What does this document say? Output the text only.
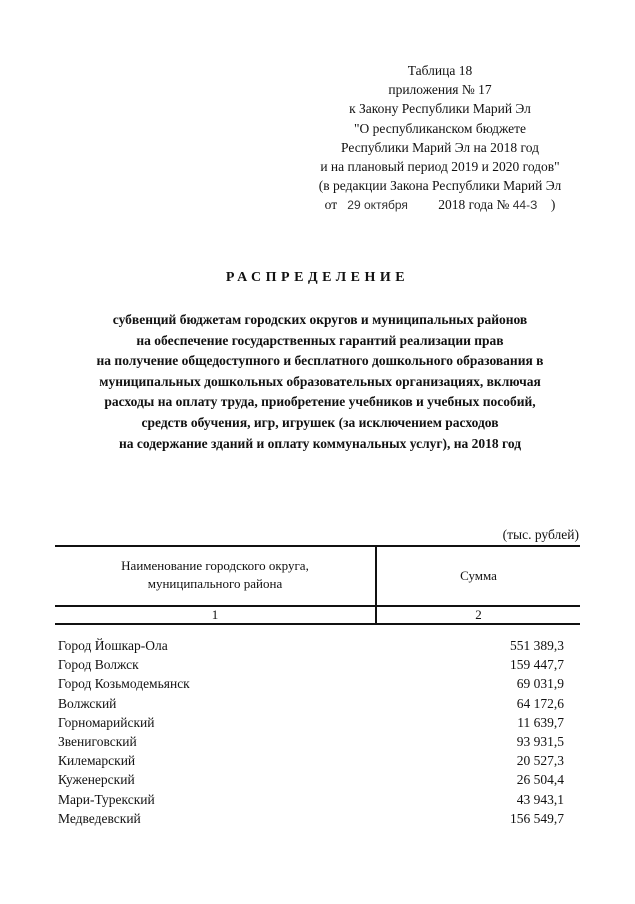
Таблица 18
приложения № 17
к Закону Республики Марий Эл
"О республиканском бюджете
Республики Марий Эл на 2018 год
и на плановый период 2019 и 2020 годов"
(в редакции Закона Республики Марий Эл
от 29 октября 2018 года № 44-З )
РАСПРЕДЕЛЕНИЕ
субвенций бюджетам городских округов и муниципальных районов
на обеспечение государственных гарантий реализации прав
на получение общедоступного и бесплатного дошкольного образования в
муниципальных дошкольных образовательных организациях, включая
расходы на оплату труда, приобретение учебников и учебных пособий,
средств обучения, игр, игрушек (за исключением расходов
на содержание зданий и оплату коммунальных услуг), на 2018 год
(тыс. рублей)
Наименование городского округа,
муниципального района
Сумма
1	2
Город Йошкар-Ола	551 389,3
Город Волжск	159 447,7
Город Козьмодемьянск	69 031,9
Волжский	64 172,6
Горномарийский	11 639,7
Звениговский	93 931,5
Килемарский	20 527,3
Куженерский	26 504,4
Мари-Турекский	43 943,1
Медведевский	156 549,7
